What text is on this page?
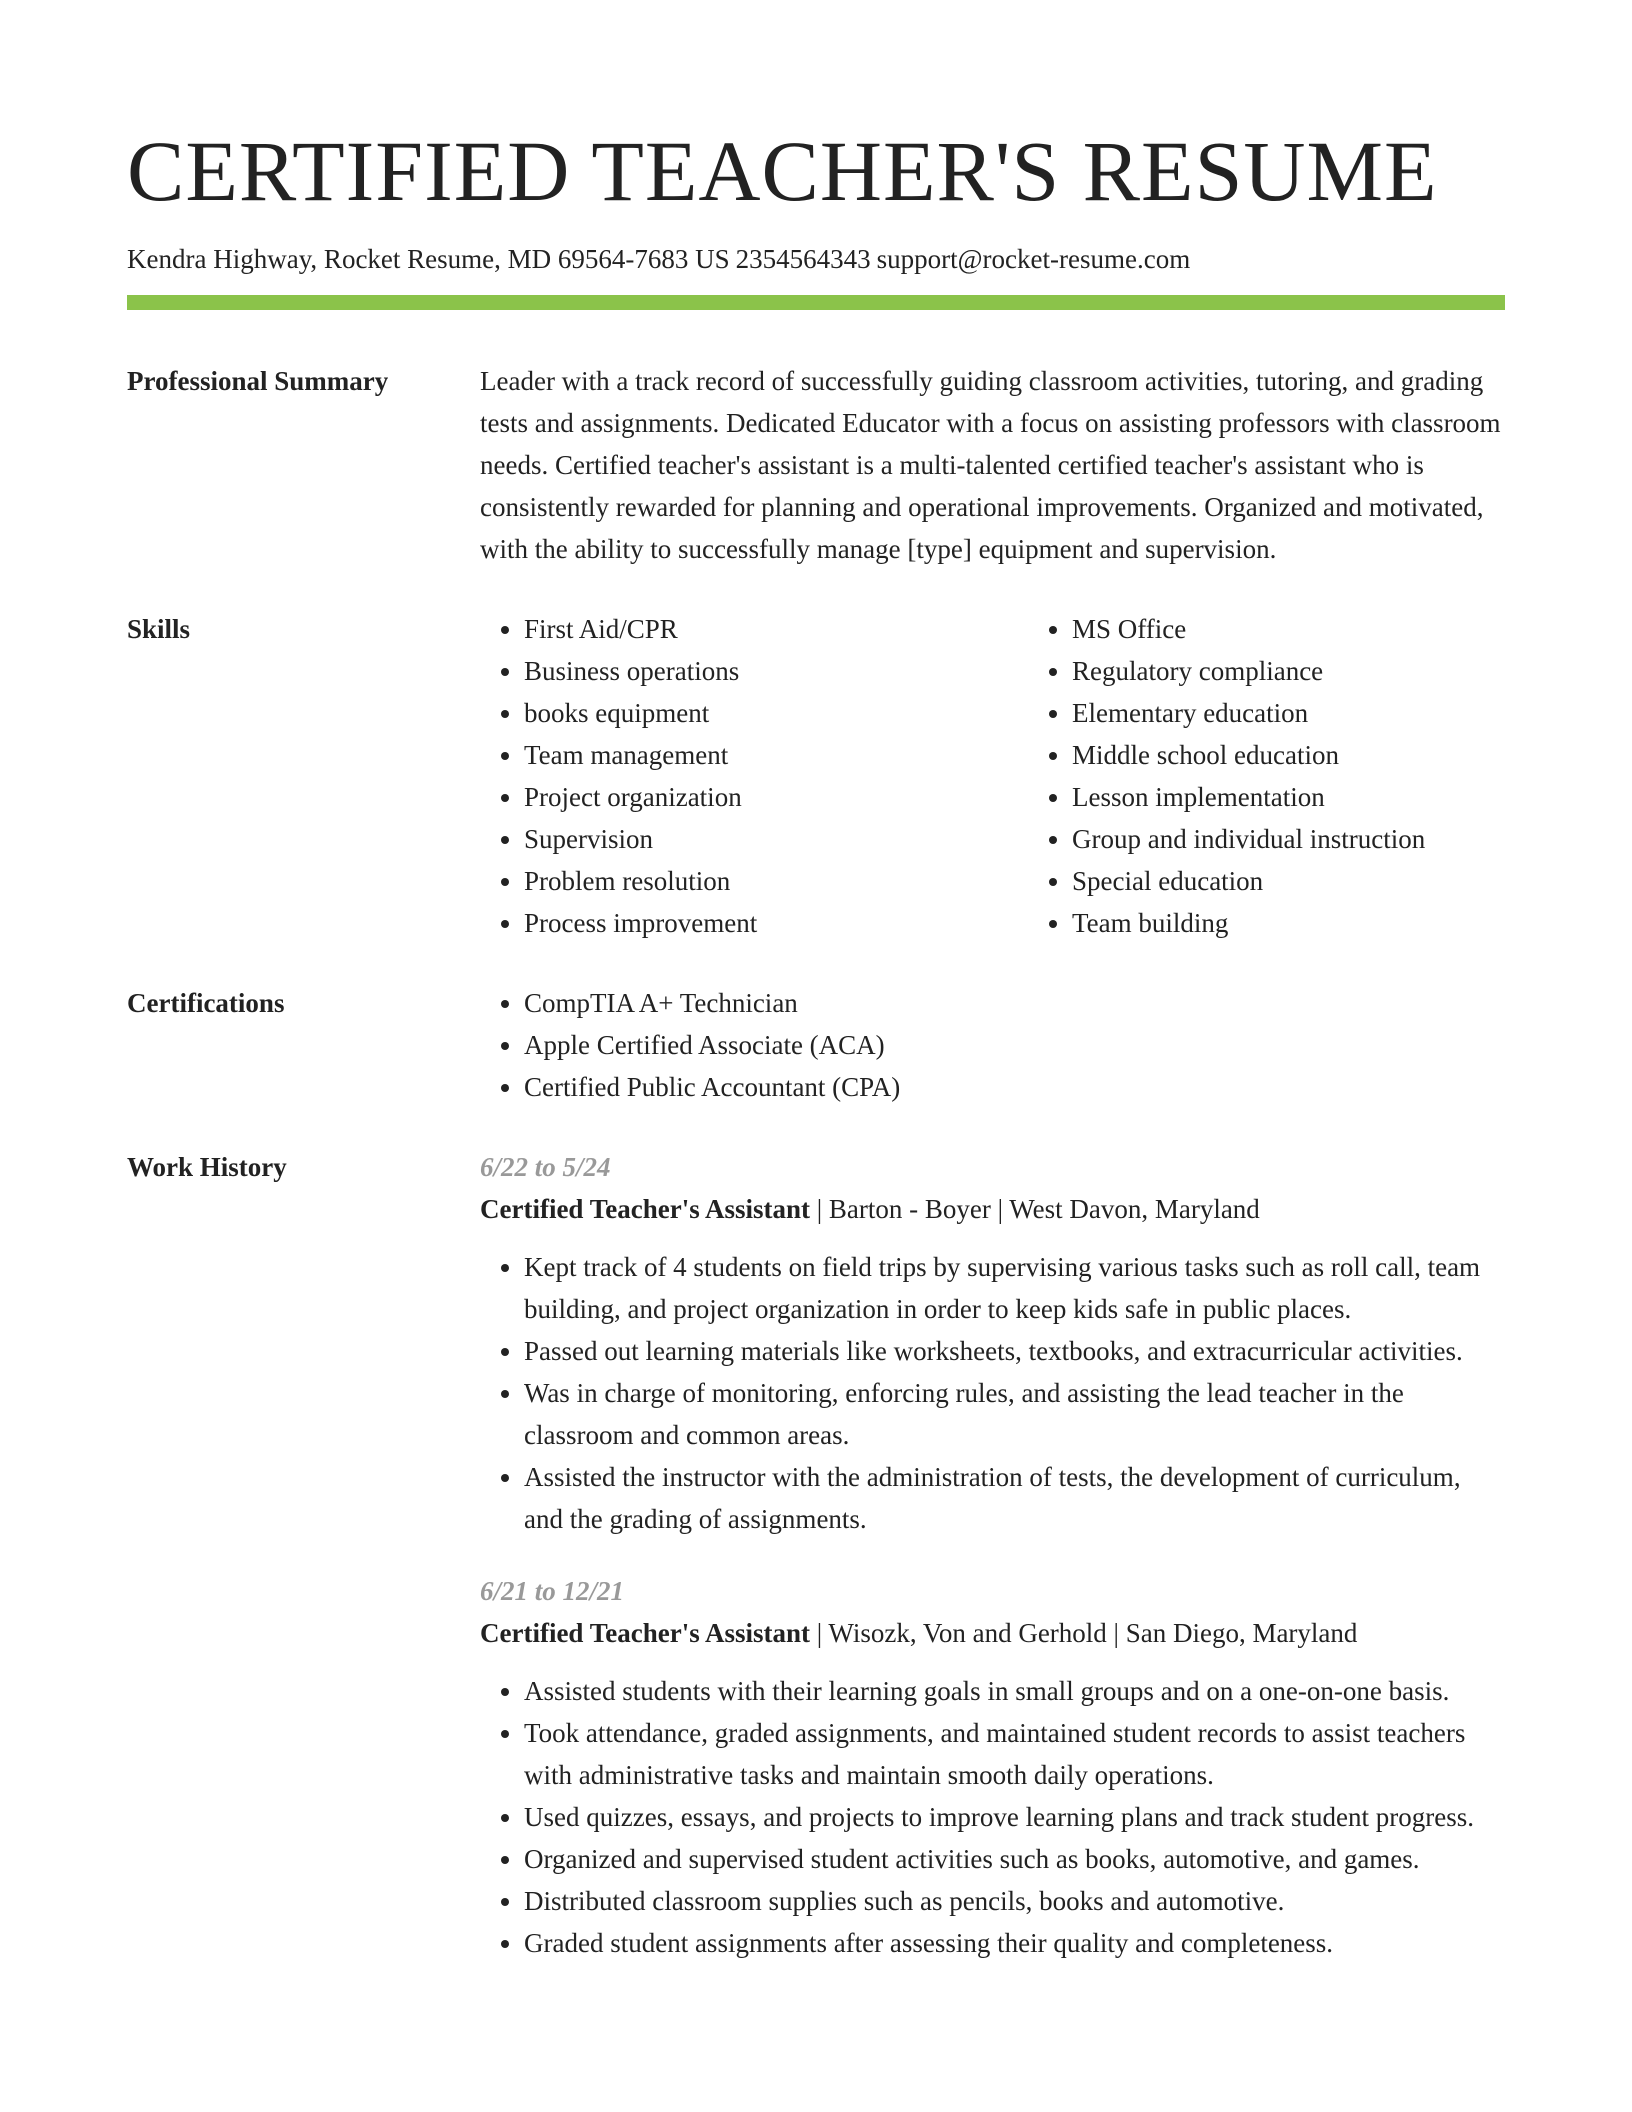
CERTIFIED TEACHER'S RESUME
Kendra Highway, Rocket Resume, MD 69564-7683 US 2354564343 support@rocket-resume.com
Professional Summary	Leader with a track record of successfully guiding classroom activities, tutoring, and grading tests and assignments. Dedicated Educator with a focus on assisting professors with classroom needs. Certified teacher's assistant is a multi-talented certified teacher's assistant who is consistently rewarded for planning and operational improvements. Organized and motivated, with the ability to successfully manage [type] equipment and supervision.
Skills	• First Aid/CPR
• Business operations
• books equipment
• Team management
• Project organization
• Supervision
• Problem resolution
• Process improvement
• MS Office
• Regulatory compliance
• Elementary education
• Middle school education
• Lesson implementation
• Group and individual instruction
• Special education
• Team building
Certifications	• CompTIA A+ Technician
• Apple Certified Associate (ACA)
• Certified Public Accountant (CPA)
Work History	6/22 to 5/24
Certified Teacher's Assistant | Barton - Boyer | West Davon, Maryland
• Kept track of 4 students on field trips by supervising various tasks such as roll call, team building, and project organization in order to keep kids safe in public places.
• Passed out learning materials like worksheets, textbooks, and extracurricular activities.
• Was in charge of monitoring, enforcing rules, and assisting the lead teacher in the classroom and common areas.
• Assisted the instructor with the administration of tests, the development of curriculum, and the grading of assignments.
6/21 to 12/21
Certified Teacher's Assistant | Wisozk, Von and Gerhold | San Diego, Maryland
• Assisted students with their learning goals in small groups and on a one-on-one basis.
• Took attendance, graded assignments, and maintained student records to assist teachers with administrative tasks and maintain smooth daily operations.
• Used quizzes, essays, and projects to improve learning plans and track student progress.
• Organized and supervised student activities such as books, automotive, and games.
• Distributed classroom supplies such as pencils, books and automotive.
• Graded student assignments after assessing their quality and completeness.
